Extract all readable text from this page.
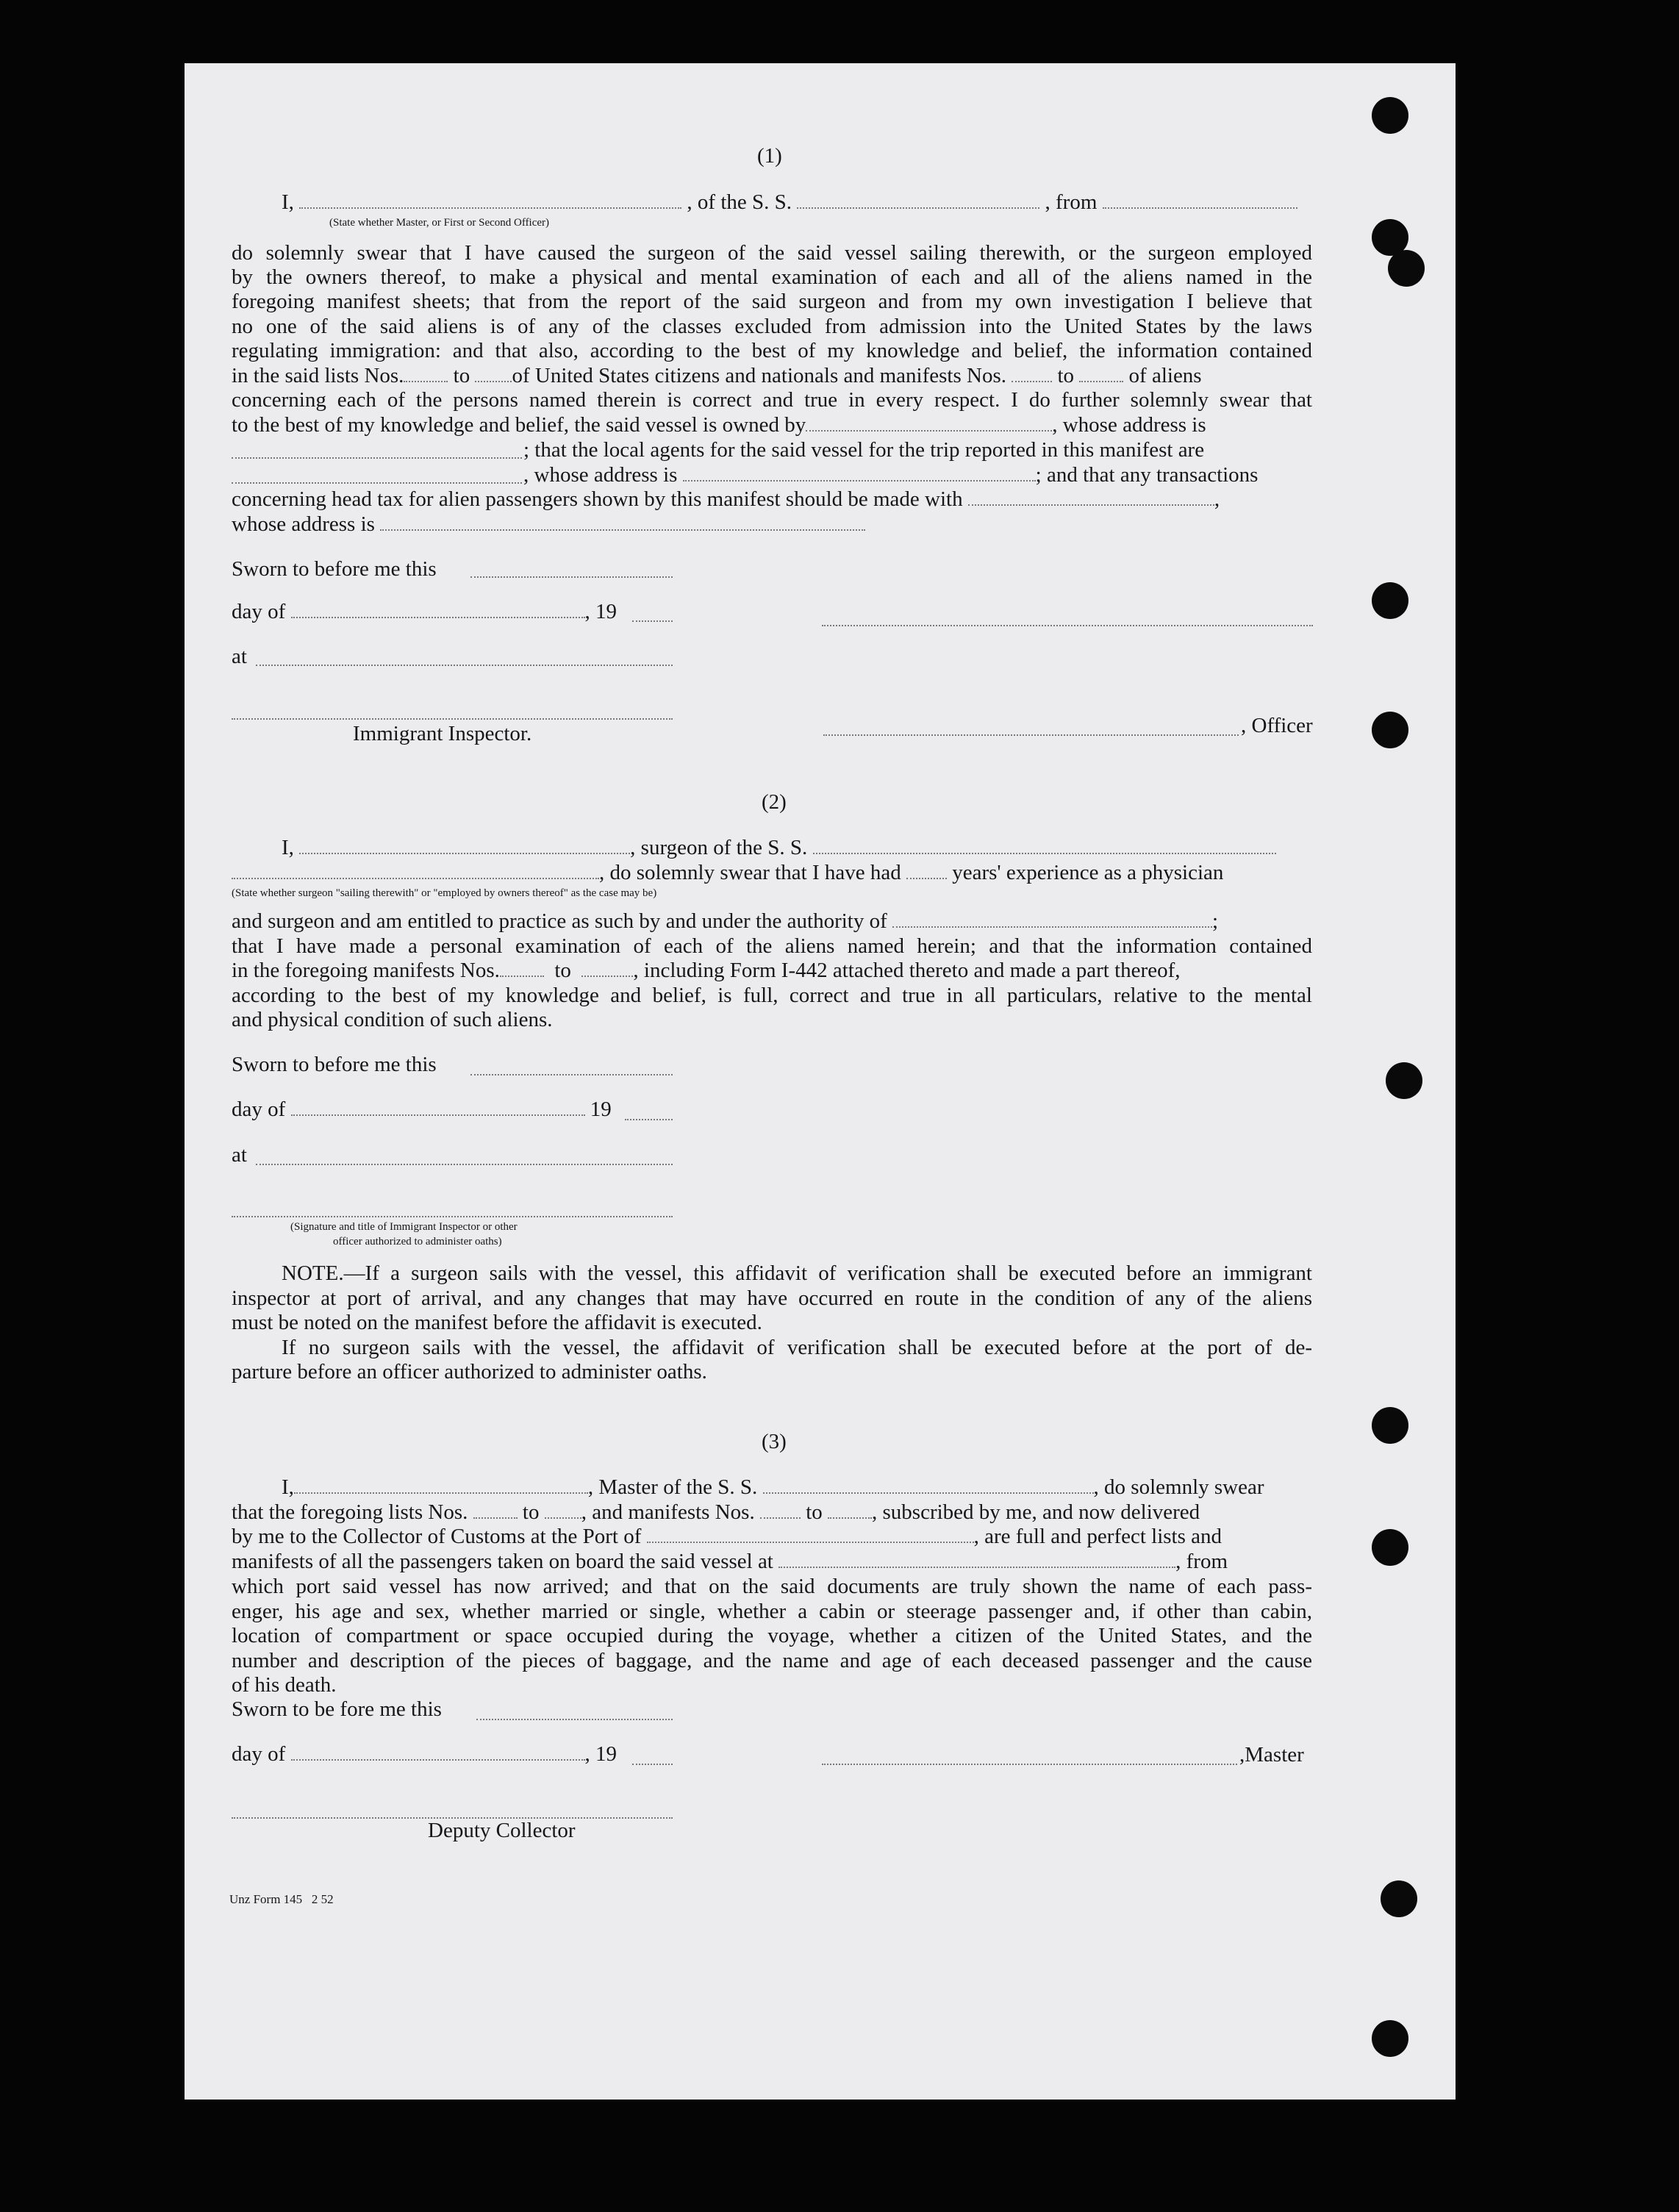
(1)
I,	, of the S. S.	, from
(State whether Master, or First or Second Officer)
do solemnly swear that I have caused the surgeon of the said vessel sailing therewith, or the surgeon employed
by the owners thereof, to make a physical and mental examination of each and all of the aliens named in the
foregoing manifest sheets; that from the report of the said surgeon and from my own investigation I believe that
no one of the said aliens is of any of the classes excluded from admission into the United States by the laws
regulating immigration: and that also, according to the best of my knowledge and belief, the information contained
in the said lists Nos. to of United States citizens and nationals and manifests Nos. to	of aliens
concerning each of the persons named therein is correct and true in every respect. I do further solemnly swear that
to the best of my knowledge and belief, the said vessel is owned by	, whose address is
; that the local agents for the said vessel for the trip reported in this manifest are
, whose address is	; and that any transactions
concerning head tax for alien passengers shown by this manifest should be made with	,
whose address is
Sworn to before me this
day of	, 19
at
Immigrant Inspector.	, Officer
(2)
I,	, surgeon of the S. S.
, do solemnly swear that I have had years' experience as a physician
(State whether surgeon "sailing therewith" or "employed by owners thereof" as the case may be)
and surgeon and am entitled to practice as such by and under the authority of	;
that I have made a personal examination of each of the aliens named herein; and that the information contained
in the foregoing manifests Nos.	to	, including Form I-442 attached thereto and made a part thereof,
according to the best of my knowledge and belief, is full, correct and true in all particulars, relative to the mental
and physical condition of such aliens.
Sworn to before me this
day of	19
at
(Signature and title of Immigrant Inspector or other
officer authorized to administer oaths)
NOTE.—If a surgeon sails with the vessel, this affidavit of verification shall be executed before an immigrant
inspector at port of arrival, and any changes that may have occurred en route in the condition of any of the aliens
must be noted on the manifest before the affidavit is executed.
If no surgeon sails with the vessel, the affidavit of verification shall be executed before at the port of de-
parture before an officer authorized to administer oaths.
(3)
I,	, Master of the S. S.	, do solemnly swear
that the foregoing lists Nos.	to , and manifests Nos. to , subscribed by me, and now delivered
by me to the Collector of Customs at the Port of	, are full and perfect lists and
manifests of all the passengers taken on board the said vessel at	, from
which port said vessel has now arrived; and that on the said documents are truly shown the name of each pass-
enger, his age and sex, whether married or single, whether a cabin or steerage passenger and, if other than cabin,
location of compartment or space occupied during the voyage, whether a citizen of the United States, and the
number and description of the pieces of baggage, and the name and age of each deceased passenger and the cause
of his death.
Sworn to be fore me this
day of	, 19	,Master
Deputy Collector
Unz Form 145   2 52
